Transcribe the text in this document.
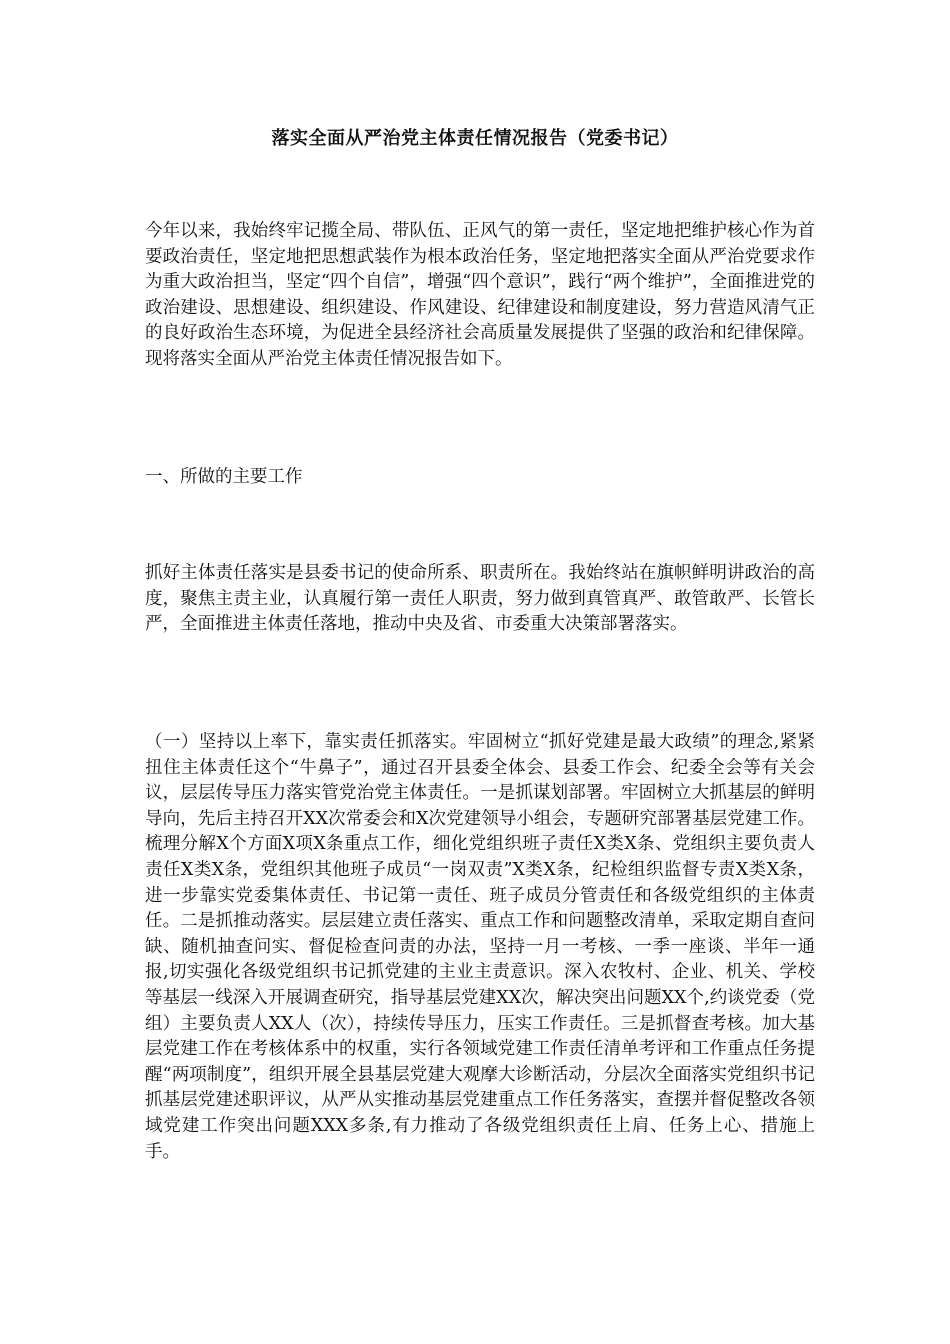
落实全面从严治党主体责任情况报告（党委书记）

今年以来，我始终牢记揽全局、带队伍、正风气的第一责任，坚定地把维护核心作为首要政治责任，坚定地把思想武装作为根本政治任务，坚定地把落实全面从严治党要求作为重大政治担当，坚定“四个自信”，增强“四个意识”，践行“两个维护”，全面推进党的政治建设、思想建设、组织建设、作风建设、纪律建设和制度建设，努力营造风清气正的良好政治生态环境，为促进全县经济社会高质量发展提供了坚强的政治和纪律保障。现将落实全面从严治党主体责任情况报告如下。

一、所做的主要工作

抓好主体责任落实是县委书记的使命所系、职责所在。我始终站在旗帜鲜明讲政治的高度，聚焦主责主业，认真履行第一责任人职责，努力做到真管真严、敢管敢严、长管长严，全面推进主体责任落地，推动中央及省、市委重大决策部署落实。

（一）坚持以上率下，靠实责任抓落实。牢固树立“抓好党建是最大政绩”的理念,紧紧扭住主体责任这个“牛鼻子”，通过召开县委全体会、县委工作会、纪委全会等有关会议，层层传导压力落实管党治党主体责任。一是抓谋划部署。牢固树立大抓基层的鲜明导向，先后主持召开XX次常委会和X次党建领导小组会，专题研究部署基层党建工作。梳理分解X个方面X项X条重点工作，细化党组织班子责任X类X条、党组织主要负责人责任X类X条，党组织其他班子成员“一岗双责”X类X条，纪检组织监督专责X类X条，进一步靠实党委集体责任、书记第一责任、班子成员分管责任和各级党组织的主体责任。二是抓推动落实。层层建立责任落实、重点工作和问题整改清单，采取定期自查问缺、随机抽查问实、督促检查问责的办法，坚持一月一考核、一季一座谈、半年一通报,切实强化各级党组织书记抓党建的主业主责意识。深入农牧村、企业、机关、学校等基层一线深入开展调查研究，指导基层党建XX次，解决突出问题XX个,约谈党委（党组）主要负责人XX人（次），持续传导压力，压实工作责任。三是抓督查考核。加大基层党建工作在考核体系中的权重，实行各领域党建工作责任清单考评和工作重点任务提醒“两项制度”，组织开展全县基层党建大观摩大诊断活动，分层次全面落实党组织书记抓基层党建述职评议，从严从实推动基层党建重点工作任务落实，查摆并督促整改各领域党建工作突出问题XXX多条,有力推动了各级党组织责任上肩、任务上心、措施上手。
